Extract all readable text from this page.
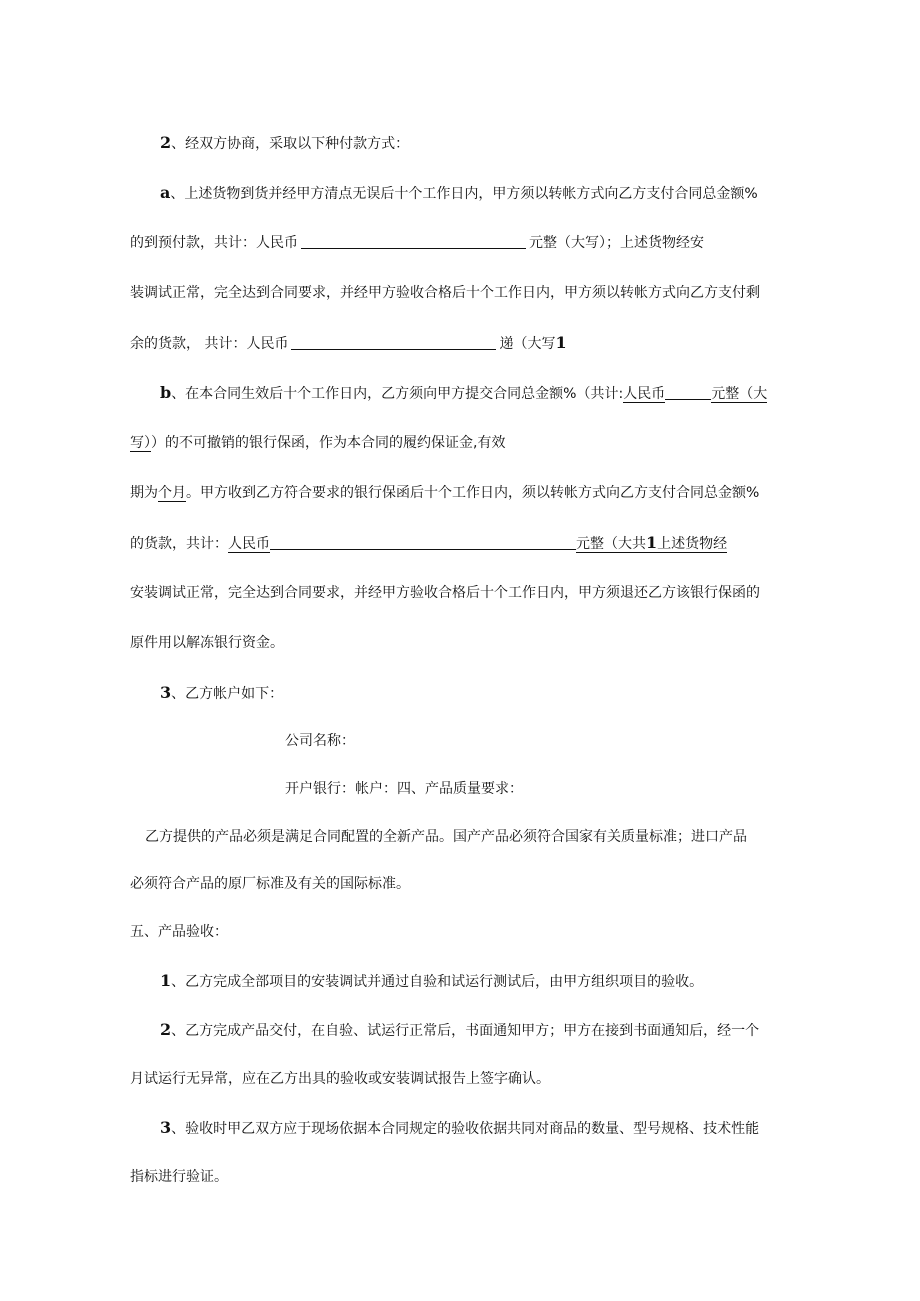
2、经双方协商，采取以下种付款方式：
a、上述货物到货并经甲方清点无误后十个工作日内，甲方须以转帐方式向乙方支付合同总金额%
的到预付款，共计：人民币	元整（大写）；上述货物经安
装调试正常，完全达到合同要求，并经甲方验收合格后十个工作日内，甲方须以转帐方式向乙方支付剩
余的货款， 共计：人民币	递（大写1
b、在本合同生效后十个工作日内，乙方须向甲方提交合同总金额%（共计:人民币	元整（大
写））的不可撤销的银行保函，作为本合同的履约保证金,有效
期为个月。甲方收到乙方符合要求的银行保函后十个工作日内，须以转帐方式向乙方支付合同总金额%
的货款，共计：人民币	元整（大共1上述货物经
安装调试正常，完全达到合同要求，并经甲方验收合格后十个工作日内，甲方须退还乙方该银行保函的
原件用以解冻银行资金。
3、乙方帐户如下：
公司名称：
开户银行：帐户：四、产品质量要求：
乙方提供的产品必须是满足合同配置的全新产品。国产产品必须符合国家有关质量标准；进口产品
必须符合产品的原厂标准及有关的国际标准。
五、产品验收：
1、乙方完成全部项目的安装调试并通过自验和试运行测试后，由甲方组织项目的验收。
2、乙方完成产品交付，在自验、试运行正常后，书面通知甲方；甲方在接到书面通知后，经一个
月试运行无异常，应在乙方出具的验收或安装调试报告上签字确认。
3、验收时甲乙双方应于现场依据本合同规定的验收依据共同对商品的数量、型号规格、技术性能
指标进行验证。
